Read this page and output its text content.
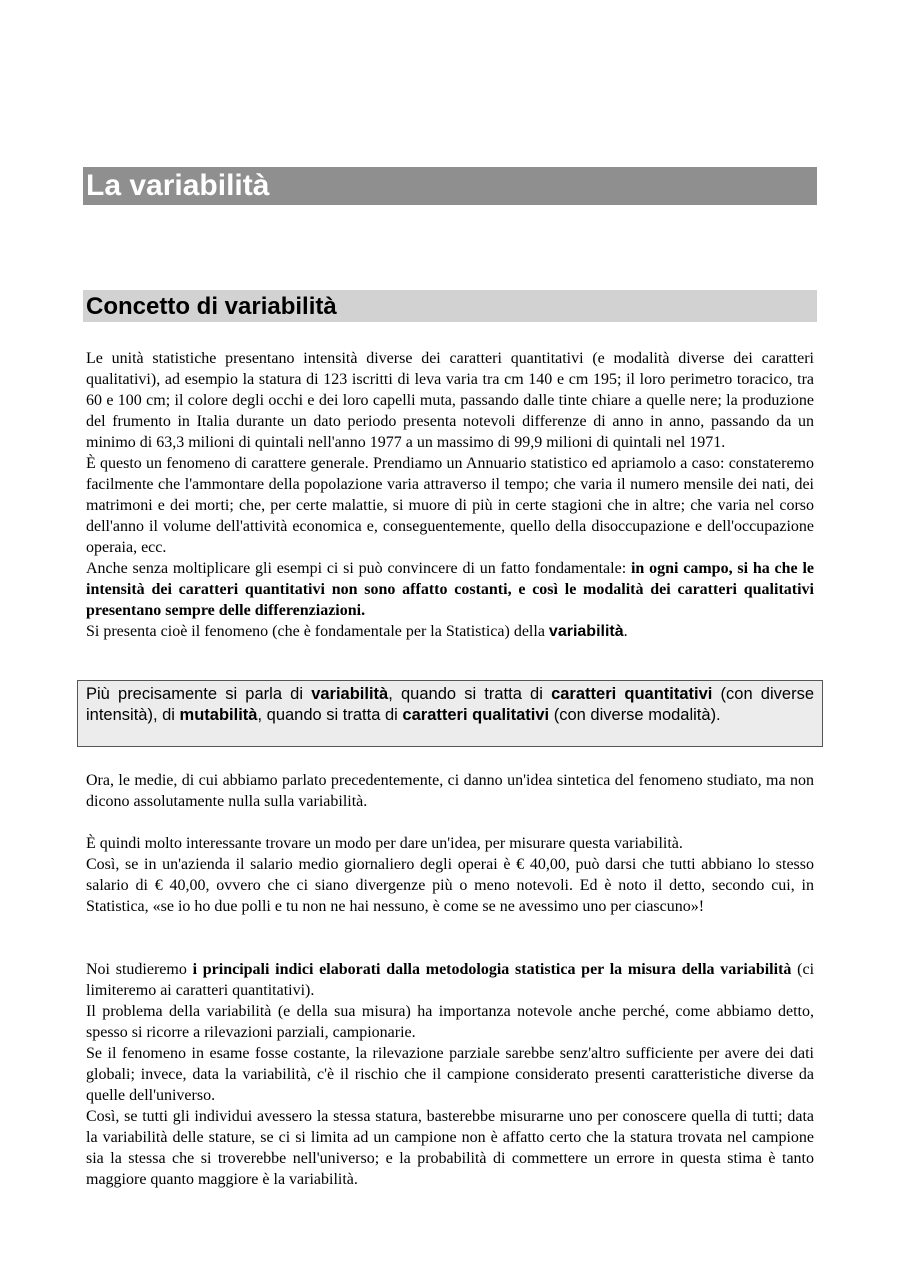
La variabilità
Concetto di variabilità

Le unità statistiche presentano intensità diverse dei caratteri quantitativi (e modalità diverse dei caratteri qualitativi), ad esempio la statura di 123 iscritti di leva varia tra cm 140 e cm 195; il loro perimetro toracico, tra 60 e 100 cm; il colore degli occhi e dei loro capelli muta, passando dalle tinte chiare a quelle nere; la produzione del frumento in Italia durante un dato periodo presenta notevoli differenze di anno in anno, passando da un minimo di 63,3 milioni di quintali nell'anno 1977 a un massimo di 99,9 milioni di quintali nel 1971.

È questo un fenomeno di carattere generale. Prendiamo un Annuario statistico ed apriamolo a caso: constateremo facilmente che l'ammontare della popolazione varia attraverso il tempo; che varia il numero mensile dei nati, dei matrimoni e dei morti; che, per certe malattie, si muore di più in certe stagioni che in altre; che varia nel corso dell'anno il volume dell'attività economica e, conseguentemente, quello della disoccupazione e dell'occupazione operaia, ecc.

Anche senza moltiplicare gli esempi ci si può convincere di un fatto fondamentale: in ogni campo, si ha che le intensità dei caratteri quantitativi non sono affatto costanti, e così le modalità dei caratteri qualitativi presentano sempre delle differenziazioni.

Si presenta cioè il fenomeno (che è fondamentale per la Statistica) della variabilità.

Più precisamente si parla di variabilità, quando si tratta di caratteri quantitativi (con diverse intensità), di mutabilità, quando si tratta di caratteri qualitativi (con diverse modalità).

Ora, le medie, di cui abbiamo parlato precedentemente, ci danno un'idea sintetica del fenomeno studiato, ma non dicono assolutamente nulla sulla variabilità.

È quindi molto interessante trovare un modo per dare un'idea, per misurare questa variabilità.

Così, se in un'azienda il salario medio giornaliero degli operai è € 40,00, può darsi che tutti abbiano lo stesso salario di € 40,00, ovvero che ci siano divergenze più o meno notevoli. Ed è noto il detto, secondo cui, in Statistica, «se io ho due polli e tu non ne hai nessuno, è come se ne avessimo uno per ciascuno»!

Noi studieremo i principali indici elaborati dalla metodologia statistica per la misura della variabilità (ci limiteremo ai caratteri quantitativi).

Il problema della variabilità (e della sua misura) ha importanza notevole anche perché, come abbiamo detto, spesso si ricorre a rilevazioni parziali, campionarie.

Se il fenomeno in esame fosse costante, la rilevazione parziale sarebbe senz'altro sufficiente per avere dei dati globali; invece, data la variabilità, c'è il rischio che il campione considerato presenti caratteristiche diverse da quelle dell'universo.

Così, se tutti gli individui avessero la stessa statura, basterebbe misurarne uno per conoscere quella di tutti; data la variabilità delle stature, se ci si limita ad un campione non è affatto certo che la statura trovata nel campione sia la stessa che si troverebbe nell'universo; e la probabilità di commettere un errore in questa stima è tanto maggiore quanto maggiore è la variabilità.
